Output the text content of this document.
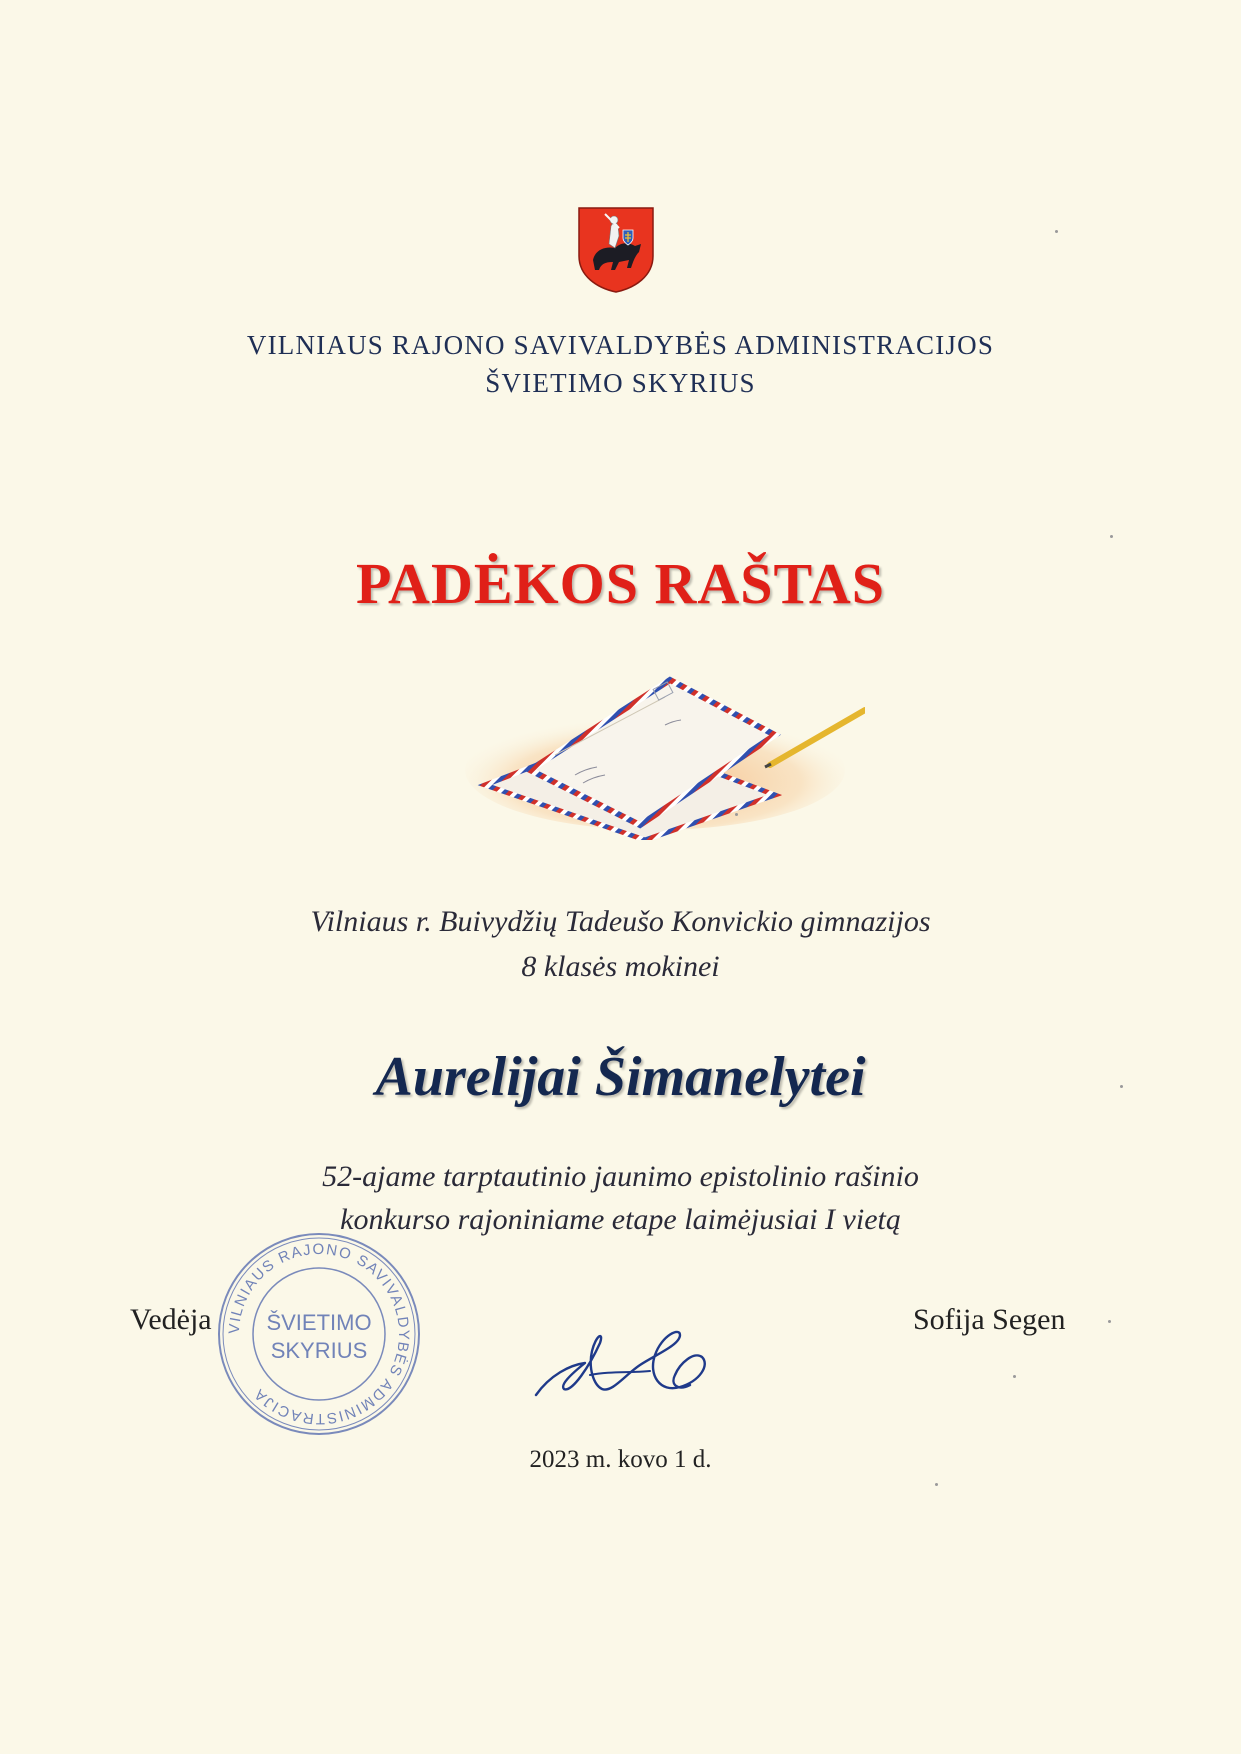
VILNIAUS RAJONO SAVIVALDYBĖS ADMINISTRACIJOS
ŠVIETIMO SKYRIUS
PADĖKOS RAŠTAS
Vilniaus r. Buivydžių Tadeušo Konvickio gimnazijos
8 klasės mokinei
Aurelijai Šimanelytei
52-ajame tarptautinio jaunimo epistolinio rašinio
konkurso rajoniniame etape laimėjusiai I vietą
Vedėja	Sofija Segen
VILNIAUS RAJONO SAVIVALDYBĖS ADMINISTRACIJA
ŠVIETIMO
SKYRIUS
2023 m. kovo 1 d.
